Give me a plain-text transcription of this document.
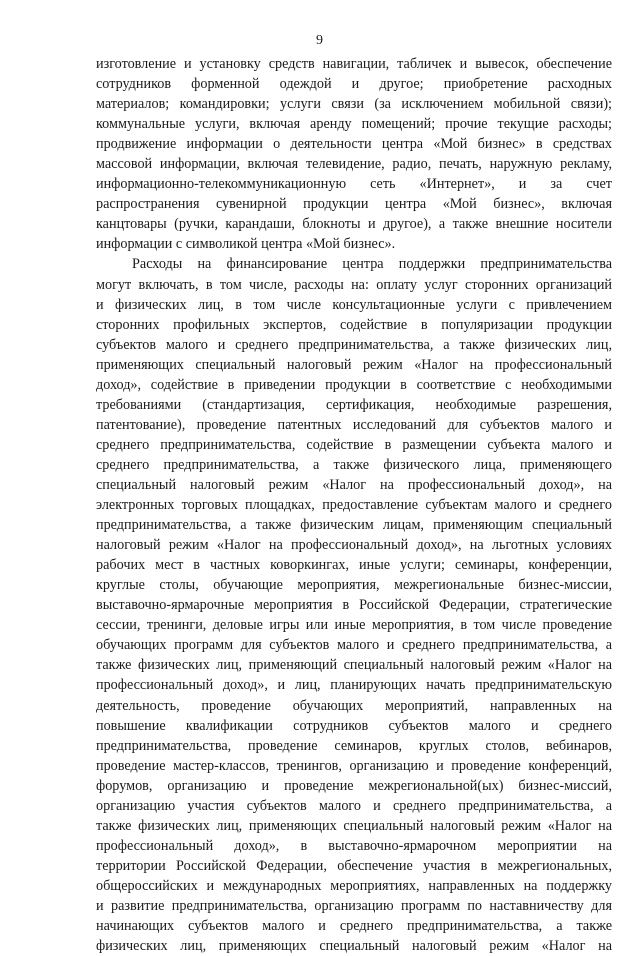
9
изготовление и установку средств навигации, табличек и вывесок, обеспечение
сотрудников форменной одеждой и другое; приобретение расходных
материалов; командировки; услуги связи (за исключением мобильной связи);
коммунальные услуги, включая аренду помещений; прочие текущие расходы;
продвижение информации о деятельности центра «Мой бизнес» в средствах
массовой информации, включая телевидение, радио, печать, наружную рекламу,
информационно-телекоммуникационную сеть «Интернет», и за счет
распространения сувенирной продукции центра «Мой бизнес», включая
канцтовары (ручки, карандаши, блокноты и другое), а также внешние носители
информации с символикой центра «Мой бизнес».
Расходы на финансирование центра поддержки предпринимательства
могут включать, в том числе, расходы на: оплату услуг сторонних организаций
и физических лиц, в том числе консультационные услуги с привлечением
сторонних профильных экспертов, содействие в популяризации продукции
субъектов малого и среднего предпринимательства, а также физических лиц,
применяющих специальный налоговый режим «Налог на профессиональный
доход», содействие в приведении продукции в соответствие с необходимыми
требованиями (стандартизация, сертификация, необходимые разрешения,
патентование), проведение патентных исследований для субъектов малого и
среднего предпринимательства, содействие в размещении субъекта малого и
среднего предпринимательства, а также физического лица, применяющего
специальный налоговый режим «Налог на профессиональный доход», на
электронных торговых площадках, предоставление субъектам малого и среднего
предпринимательства, а также физическим лицам, применяющим специальный
налоговый режим «Налог на профессиональный доход», на льготных условиях
рабочих мест в частных коворкингах, иные услуги; семинары, конференции,
круглые столы, обучающие мероприятия, межрегиональные бизнес-миссии,
выставочно-ярмарочные мероприятия в Российской Федерации, стратегические
сессии, тренинги, деловые игры или иные мероприятия, в том числе проведение
обучающих программ для субъектов малого и среднего предпринимательства, а
также физических лиц, применяющий специальный налоговый режим «Налог на
профессиональный доход», и лиц, планирующих начать предпринимательскую
деятельность, проведение обучающих мероприятий, направленных на
повышение квалификации сотрудников субъектов малого и среднего
предпринимательства, проведение семинаров, круглых столов, вебинаров,
проведение мастер-классов, тренингов, организацию и проведение конференций,
форумов, организацию и проведение межрегиональной(ых) бизнес-миссий,
организацию участия субъектов малого и среднего предпринимательства, а
также физических лиц, применяющих специальный налоговый режим «Налог на
профессиональный доход», в выставочно-ярмарочном мероприятии на
территории Российской Федерации, обеспечение участия в межрегиональных,
общероссийских и международных мероприятиях, направленных на поддержку
и развитие предпринимательства, организацию программ по наставничеству для
начинающих субъектов малого и среднего предпринимательства, а также
физических лиц, применяющих специальный налоговый режим «Налог на
